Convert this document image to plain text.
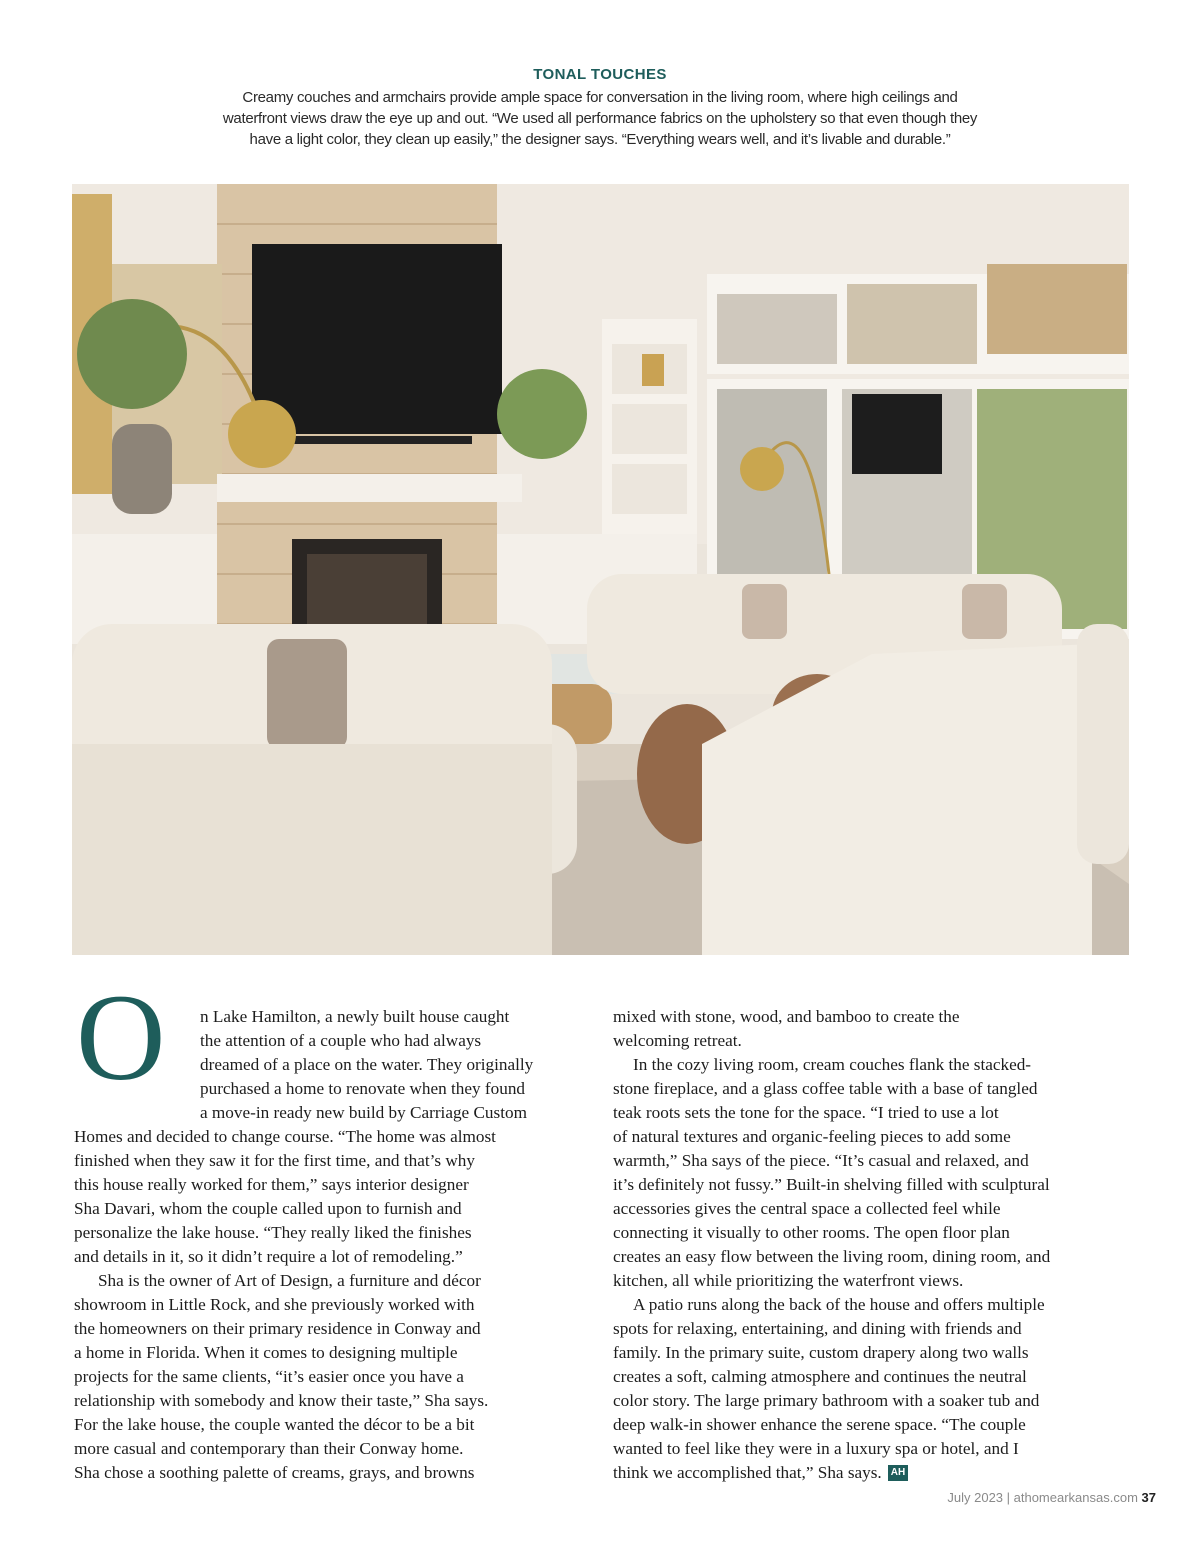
TONAL TOUCHES
Creamy couches and armchairs provide ample space for conversation in the living room, where high ceilings and
waterfront views draw the eye up and out. “We used all performance fabrics on the upholstery so that even though they
have a light color, they clean up easily,” the designer says. “Everything wears well, and it’s livable and durable.”
O	n Lake Hamilton, a newly built house caught
the attention of a couple who had always
dreamed of a place on the water. They originally
purchased a home to renovate when they found
a move-in ready new build by Carriage Custom
Homes and decided to change course. “The home was almost
finished when they saw it for the first time, and that’s why
this house really worked for them,” says interior designer
Sha Davari, whom the couple called upon to furnish and
personalize the lake house. “They really liked the finishes
and details in it, so it didn’t require a lot of remodeling.”
Sha is the owner of Art of Design, a furniture and décor
showroom in Little Rock, and she previously worked with
the homeowners on their primary residence in Conway and
a home in Florida. When it comes to designing multiple
projects for the same clients, “it’s easier once you have a
relationship with somebody and know their taste,” Sha says.
For the lake house, the couple wanted the décor to be a bit
more casual and contemporary than their Conway home.
Sha chose a soothing palette of creams, grays, and browns
mixed with stone, wood, and bamboo to create the
welcoming retreat.
In the cozy living room, cream couches flank the stacked-
stone fireplace, and a glass coffee table with a base of tangled
teak roots sets the tone for the space. “I tried to use a lot
of natural textures and organic-feeling pieces to add some
warmth,” Sha says of the piece. “It’s casual and relaxed, and
it’s definitely not fussy.” Built-in shelving filled with sculptural
accessories gives the central space a collected feel while
connecting it visually to other rooms. The open floor plan
creates an easy flow between the living room, dining room, and
kitchen, all while prioritizing the waterfront views.
A patio runs along the back of the house and offers multiple
spots for relaxing, entertaining, and dining with friends and
family. In the primary suite, custom drapery along two walls
creates a soft, calming atmosphere and continues the neutral
color story. The large primary bathroom with a soaker tub and
deep walk-in shower enhance the serene space. “The couple
wanted to feel like they were in a luxury spa or hotel, and I
think we accomplished that,” Sha says. AH
July 2023 | athomearkansas.com 37
